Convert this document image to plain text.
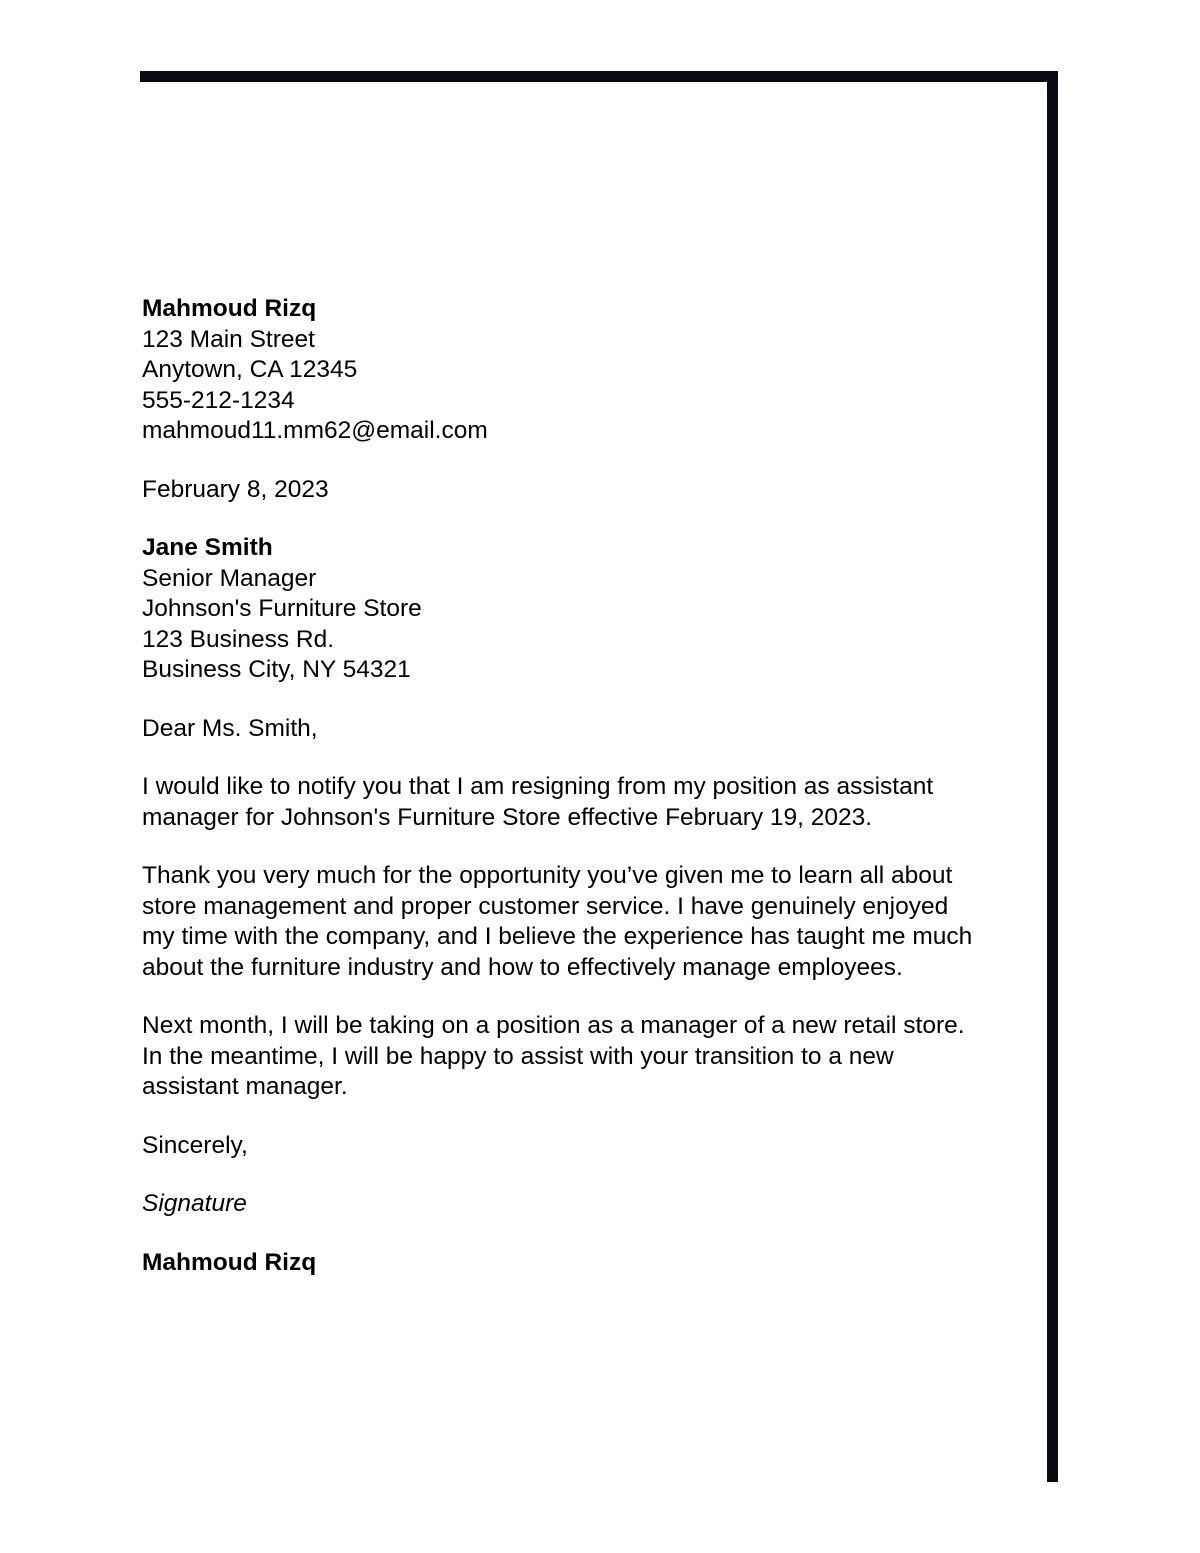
Mahmoud Rizq
123 Main Street
Anytown, CA 12345
555-212-1234
mahmoud11.mm62@email.com
February 8, 2023
Jane Smith
Senior Manager
Johnson's Furniture Store
123 Business Rd.
Business City, NY 54321
Dear Ms. Smith,
I would like to notify you that I am resigning from my position as assistant
manager for Johnson's Furniture Store effective February 19, 2023.
Thank you very much for the opportunity you’ve given me to learn all about
store management and proper customer service. I have genuinely enjoyed
my time with the company, and I believe the experience has taught me much
about the furniture industry and how to effectively manage employees.
Next month, I will be taking on a position as a manager of a new retail store.
In the meantime, I will be happy to assist with your transition to a new
assistant manager.
Sincerely,
Signature
Mahmoud Rizq
